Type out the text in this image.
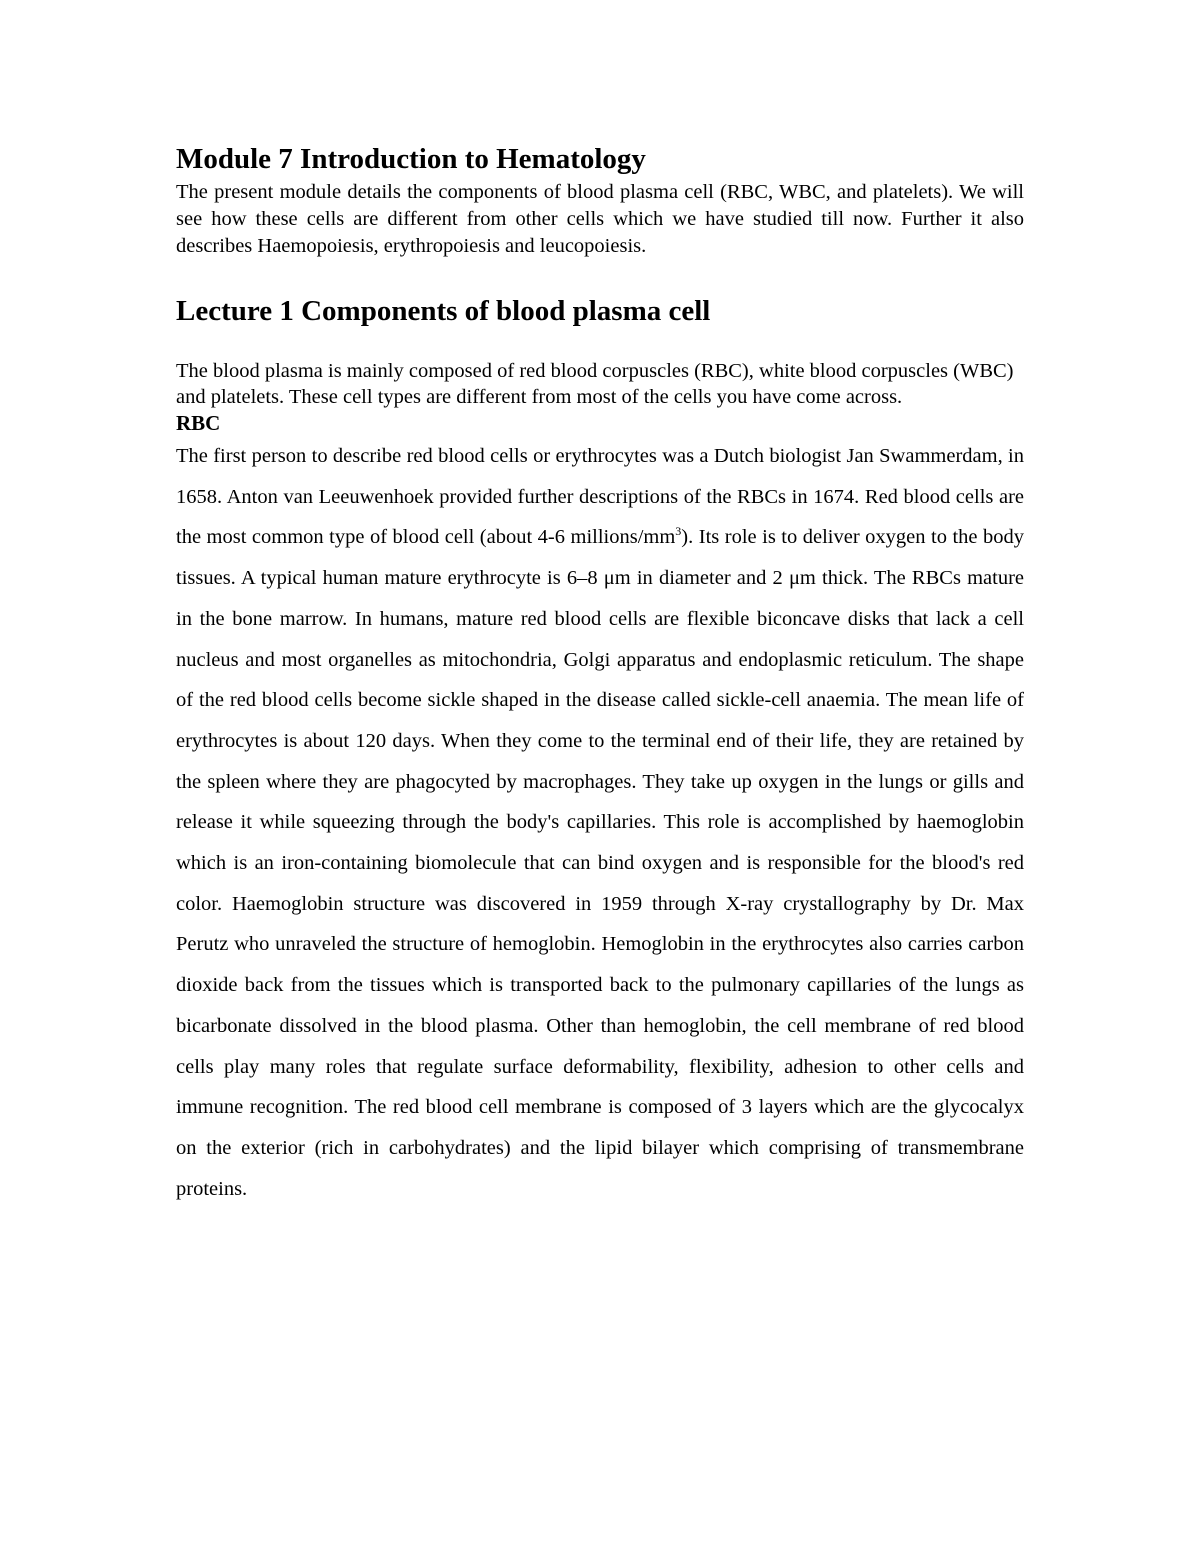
Module 7 Introduction to Hematology

The present module details the components of blood plasma cell (RBC, WBC, and platelets). We will see how these cells are different from other cells which we have studied till now. Further it also describes Haemopoiesis, erythropoiesis and leucopoiesis.

Lecture 1 Components of blood plasma cell

The blood plasma is mainly composed of red blood corpuscles (RBC), white blood corpuscles (WBC) and platelets. These cell types are different from most of the cells you have come across.

RBC

The first person to describe red blood cells or erythrocytes was a Dutch biologist Jan Swammerdam, in 1658. Anton van Leeuwenhoek provided further descriptions of the RBCs in 1674. Red blood cells are the most common type of blood cell (about 4-6 millions/$mm^3$). Its role is to deliver oxygen to the body tissues. A typical human mature erythrocyte is 6–8 μm in diameter and 2 μm thick. The RBCs mature in the bone marrow. In humans, mature red blood cells are flexible biconcave disks that lack a cell nucleus and most organelles as mitochondria, Golgi apparatus and endoplasmic reticulum. The shape of the red blood cells become sickle shaped in the disease called sickle-cell anaemia. The mean life of erythrocytes is about 120 days. When they come to the terminal end of their life, they are retained by the spleen where they are phagocyted by macrophages. They take up oxygen in the lungs or gills and release it while squeezing through the body's capillaries. This role is accomplished by haemoglobin which is an iron-containing biomolecule that can bind oxygen and is responsible for the blood's red color. Haemoglobin structure was discovered in 1959 through X-ray crystallography by Dr. Max Perutz who unraveled the structure of hemoglobin. Hemoglobin in the erythrocytes also carries carbon dioxide back from the tissues which is transported back to the pulmonary capillaries of the lungs as bicarbonate dissolved in the blood plasma. Other than hemoglobin, the cell membrane of red blood cells play many roles that regulate surface deformability, flexibility, adhesion to other cells and immune recognition. The red blood cell membrane is composed of 3 layers which are the glycocalyx on the exterior (rich in carbohydrates) and the lipid bilayer which comprising of transmembrane proteins.
